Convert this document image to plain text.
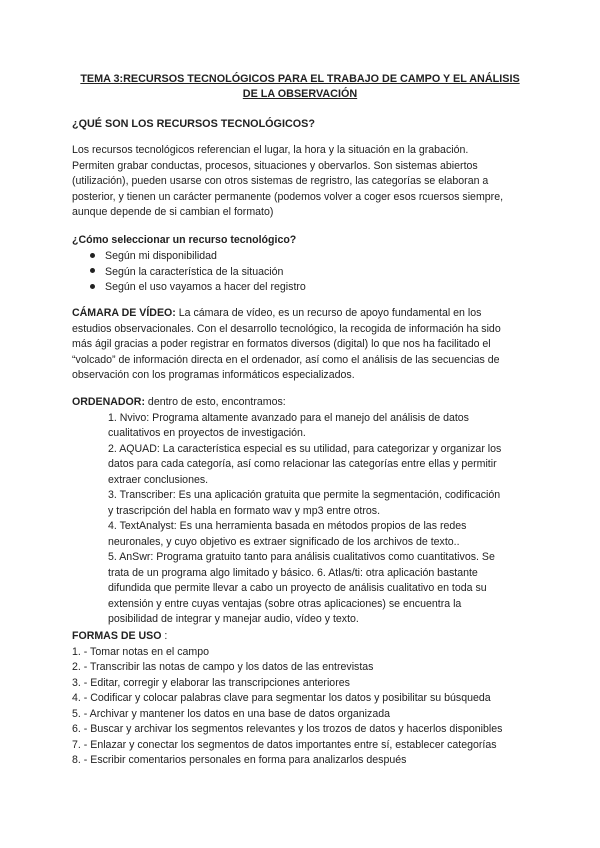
TEMA 3:RECURSOS TECNOLÓGICOS PARA EL TRABAJO DE CAMPO Y EL ANÁLISIS
DE LA OBSERVACIÓN
¿QUÉ SON LOS RECURSOS TECNOLÓGICOS?
Los recursos tecnológicos referencian el lugar, la hora y la situación en la grabación.
Permiten grabar conductas, procesos, situaciones y obervarlos. Son sistemas abiertos
(utilización), pueden usarse con otros sistemas de regristro, las categorías se elaboran a
posterior, y tienen un carácter permanente (podemos volver a coger esos rcuersos siempre,
aunque depende de si cambian el formato)
¿Cómo seleccionar un recurso tecnológico?
Según mi disponibilidad
Según la característica de la situación
Según el uso vayamos a hacer del registro
CÁMARA DE VÍDEO: La cámara de vídeo, es un recurso de apoyo fundamental en los
estudios observacionales. Con el desarrollo tecnológico, la recogida de información ha sido
más ágil gracias a poder registrar en formatos diversos (digital) lo que nos ha facilitado el
“volcado” de información directa en el ordenador, así como el análisis de las secuencias de
observación con los programas informáticos especializados.
ORDENADOR: dentro de esto, encontramos:
1. Nvivo: Programa altamente avanzado para el manejo del análisis de datos
cualitativos en proyectos de investigación.
2. AQUAD: La característica especial es su utilidad, para categorizar y organizar los
datos para cada categoría, así como relacionar las categorías entre ellas y permitir
extraer conclusiones.
3. Transcriber: Es una aplicación gratuita que permite la segmentación, codificación
y trascripción del habla en formato wav y mp3 entre otros.
4. TextAnalyst: Es una herramienta basada en métodos propios de las redes
neuronales, y cuyo objetivo es extraer significado de los archivos de texto..
5. AnSwr: Programa gratuito tanto para análisis cualitativos como cuantitativos. Se
trata de un programa algo limitado y básico. 6. Atlas/ti: otra aplicación bastante
difundida que permite llevar a cabo un proyecto de análisis cualitativo en toda su
extensión y entre cuyas ventajas (sobre otras aplicaciones) se encuentra la
posibilidad de integrar y manejar audio, vídeo y texto.
FORMAS DE USO :
1. - Tomar notas en el campo
2. - Transcribir las notas de campo y los datos de las entrevistas
3. - Editar, corregir y elaborar las transcripciones anteriores
4. - Codificar y colocar palabras clave para segmentar los datos y posibilitar su búsqueda
5. - Archivar y mantener los datos en una base de datos organizada
6. - Buscar y archivar los segmentos relevantes y los trozos de datos y hacerlos disponibles
7. - Enlazar y conectar los segmentos de datos importantes entre sí, establecer categorías
8. - Escribir comentarios personales en forma para analizarlos después
